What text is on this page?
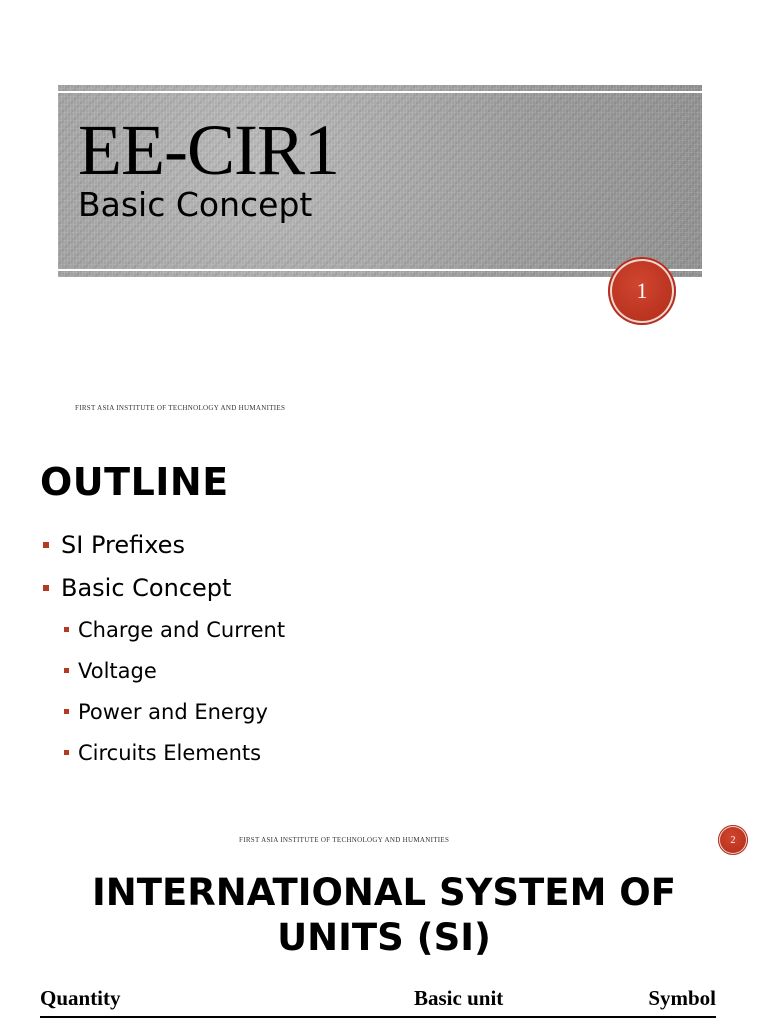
EE-CIR1
Basic Concept
1
FIRST ASIA INSTITUTE OF TECHNOLOGY AND HUMANITIES
OUTLINE
SI Prefixes
Basic Concept
Charge and Current
Voltage
Power and Energy
Circuits Elements
FIRST ASIA INSTITUTE OF TECHNOLOGY AND HUMANITIES	2
INTERNATIONAL SYSTEM OF
UNITS (SI)
Quantity	Basic unit	Symbol
